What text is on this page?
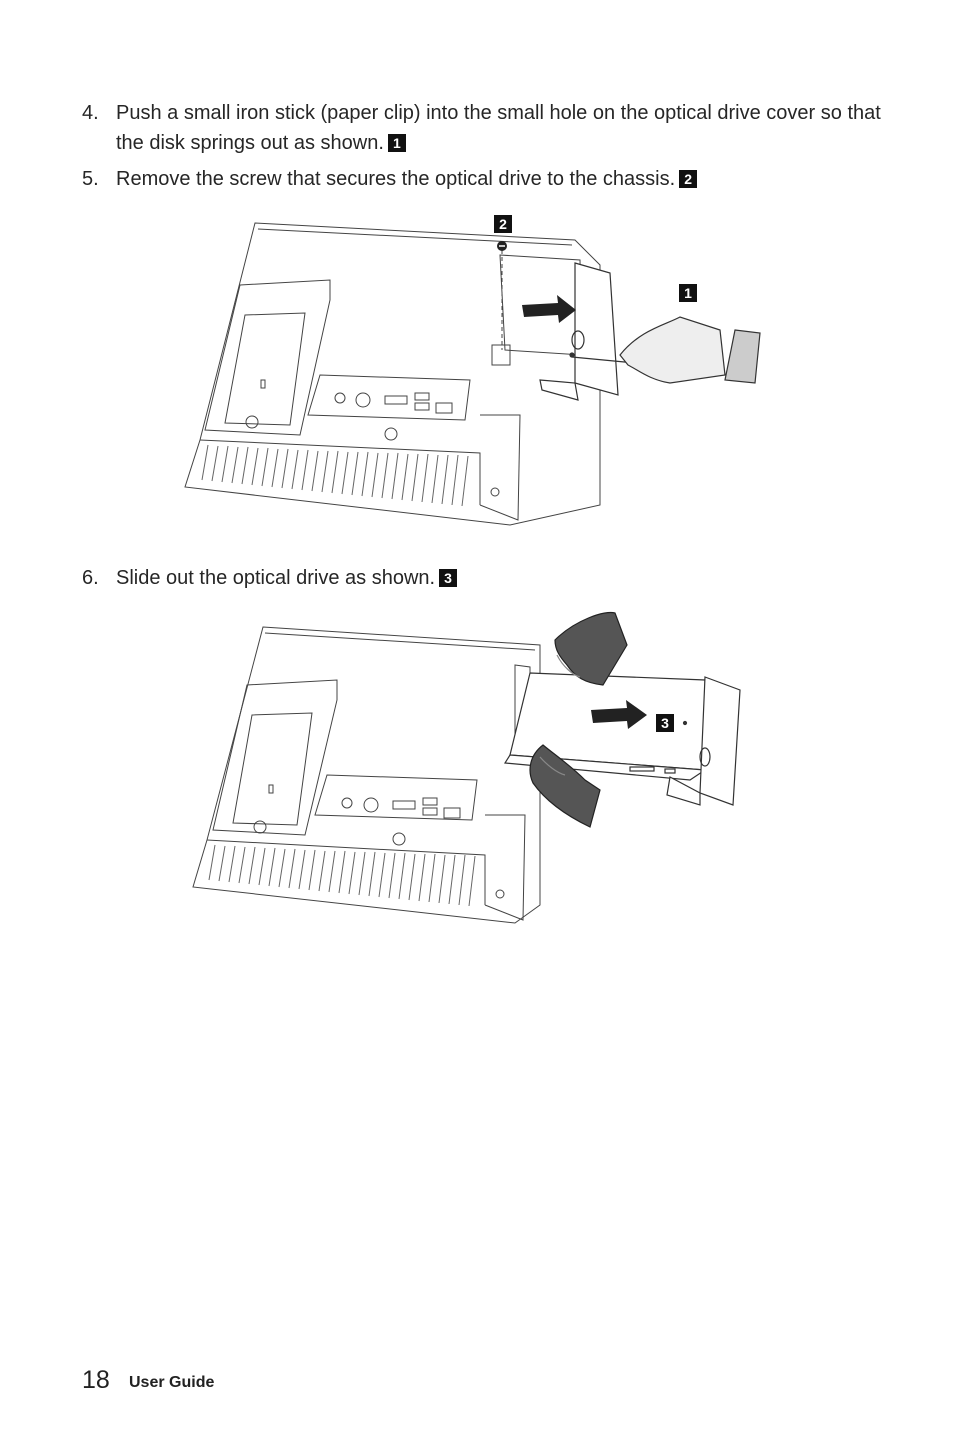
4. Push a small iron stick (paper clip) into the small hole on the optical drive cover so that the disk springs out as shown. 1
5. Remove the screw that secures the optical drive to the chassis. 2
2
1
6. Slide out the optical drive as shown. 3
3
18 User Guide
